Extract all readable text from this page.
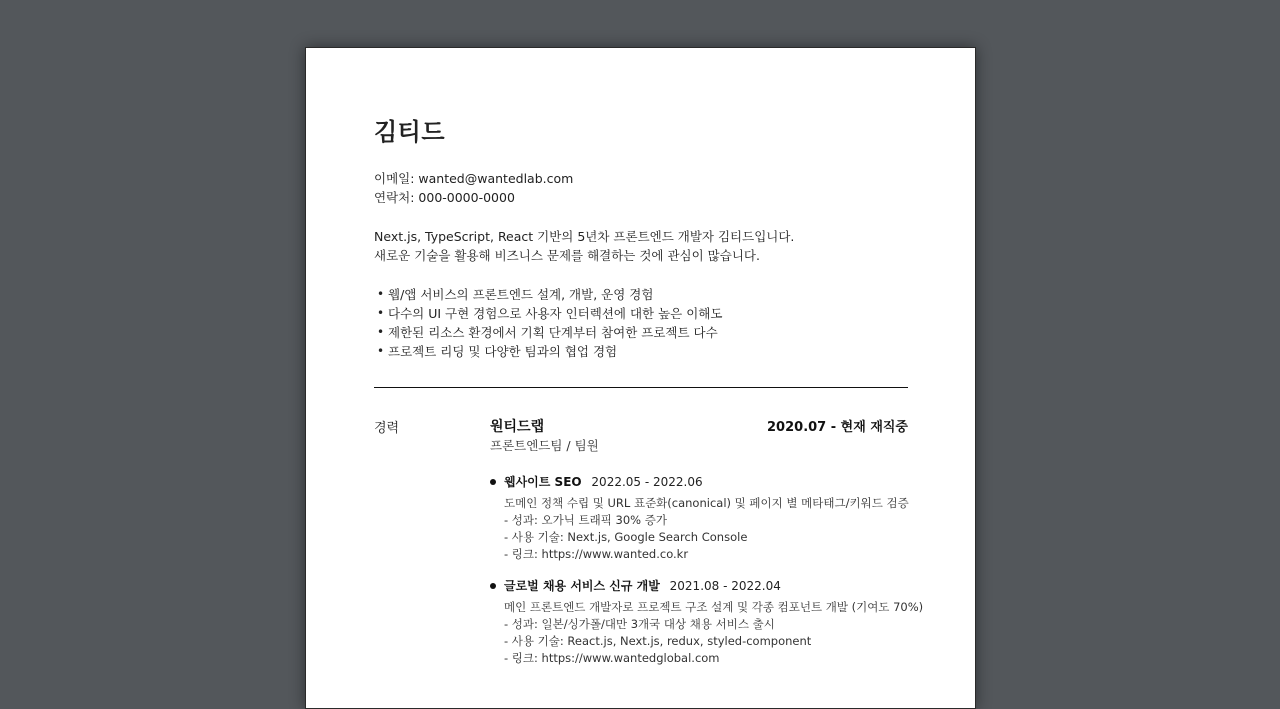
김티드
이메일: wanted@wantedlab.com
연락처: 000-0000-0000
Next.js, TypeScript, React 기반의 5년차 프론트엔드 개발자 김티드입니다.
새로운 기술을 활용해 비즈니스 문제를 해결하는 것에 관심이 많습니다.
• 웹/앱 서비스의 프론트엔드 설계, 개발, 운영 경험
• 다수의 UI 구현 경험으로 사용자 인터렉션에 대한 높은 이해도
• 제한된 리소스 환경에서 기획 단계부터 참여한 프로젝트 다수
• 프로젝트 리딩 및 다양한 팀과의 협업 경험
경력	원티드랩
프론트엔드팀 / 팀원
2020.07 - 현재 재직중
웹사이트 SEO 2022.05 - 2022.06
도메인 정책 수립 및 URL 표준화(canonical) 및 페이지 별 메타태그/키워드 검증
- 성과: 오가닉 트래픽 30% 증가
- 사용 기술: Next.js, Google Search Console
- 링크: https://www.wanted.co.kr
글로벌 채용 서비스 신규 개발 2021.08 - 2022.04
메인 프론트엔드 개발자로 프로젝트 구조 설계 및 각종 컴포넌트 개발 (기여도 70%)
- 성과: 일본/싱가폴/대만 3개국 대상 채용 서비스 출시
- 사용 기술: React.js, Next.js, redux, styled-component
- 링크: https://www.wantedglobal.com
